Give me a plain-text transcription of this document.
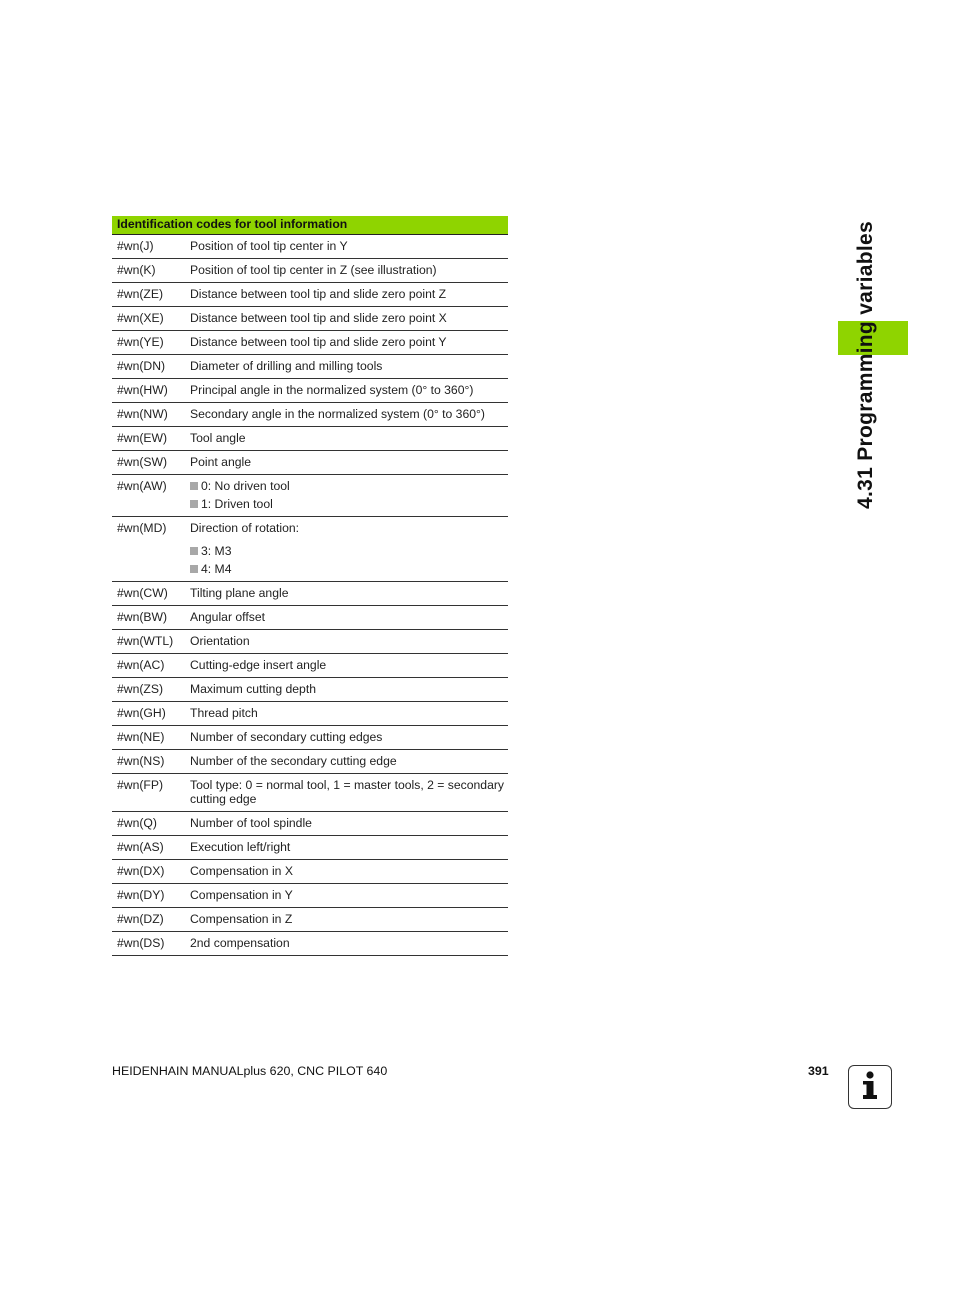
Identification codes for tool information
#wn(J)	Position of tool tip center in Y
#wn(K)	Position of tool tip center in Z (see illustration)
#wn(ZE)	Distance between tool tip and slide zero point Z
#wn(XE)	Distance between tool tip and slide zero point X
#wn(YE)	Distance between tool tip and slide zero point Y
#wn(DN)	Diameter of drilling and milling tools
#wn(HW)	Principal angle in the normalized system (0° to 360°)
#wn(NW)	Secondary angle in the normalized system (0° to 360°)
#wn(EW)	Tool angle
#wn(SW)	Point angle
#wn(AW)	0: No driven tool
1: Driven tool
#wn(MD)	Direction of rotation:
3: M3
4: M4
#wn(CW)	Tilting plane angle
#wn(BW)	Angular offset
#wn(WTL)	Orientation
#wn(AC)	Cutting-edge insert angle
#wn(ZS)	Maximum cutting depth
#wn(GH)	Thread pitch
#wn(NE)	Number of secondary cutting edges
#wn(NS)	Number of the secondary cutting edge
#wn(FP)	Tool type: 0 = normal tool, 1 = master tools, 2 = secondary cutting edge
#wn(Q)	Number of tool spindle
#wn(AS)	Execution left/right
#wn(DX)	Compensation in X
#wn(DY)	Compensation in Y
#wn(DZ)	Compensation in Z
#wn(DS)	2nd compensation
4.31 Programming variables
HEIDENHAIN MANUALplus 620, CNC PILOT 640	391
